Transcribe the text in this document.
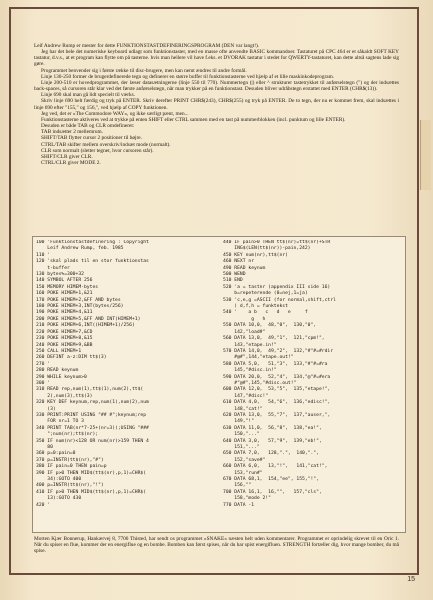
Leif Andrew Rump er mester for dette FUNKTIONSTASTDEFINERINGSPROGRAM (DEN var langt!).

Jeg har det hele det numeriske keyboard udlagt som funktionstaster, med en masse ofte anvendte BASIC kommandoer. Tastaturet på CPC 464 er et såkaldt SOFT KEY tastatur, d.v.s., at et program kan flytte om på tasterne. hvis man hellere vil have f.eks. et DVORAK tastatur i stedet for QWERTY-tastaturet, kan dette altså sagtens lade sig gøre.

Programmet benvender sig i første række til disc-brugere, men kan nemt ændres til andre formål.

Linje 130-250 former de brugerdefinerede tegn og definerer en større buffer til funktionstasterne ved hjælp af et lille maskinkodeprogram.

Linje 200-510 er hovedprogrammet, der læser datasætningerne (linje 550 til 770). Nummertegn (|) eller ^ strukturer tastetrykket til anførselstegn (") og der indsættes back-spaces, så cursoren står klar ved det første anførselstegn, når man trykker på en funktionstast. Desuden bliver udråbstegn erstattet med ENTER (CHR$(13)).

Linje 690 skal man gå lidt specielt til værks.

Skriv linje 690 helt færdig og tryk på ENTER. Skriv derefter PRINT CHR$(243), CHR$(255) og tryk på ENTER. De to tegn, der nu er kommet frem, skal indsættes i linje 690 efter "155," og 156,", ved hjælp af COPY funktionen.

Jeg ved, det er »The Commodore WAY«, og ikke særligt pænt, men...

Funktionstasterne aktiveres ved at trykke på enten SHIFT eller CTRL sammen med en tast på nummerblokken (incl. punktum og lille ENTER).

Desuden er både TAB og CLR omdefineret:

TAB indsætter 2 mellemrum.

SHIFT/TAB flytter cursor 2 positioner til højre.

CTRL/TAB skifter mellem overskriv/indsæt mode (normalt).

CLR som normalt (sletter tegnet, hvor cursoren står).

SHIFT/CLR giver CLR.

CTRL/CLR giver MODE 2.

100 'Funktionstastdefinering : Copyright
Leif Andrew Rump, feb. 1985
110 '
120 'skal plads til en stor funktionstas
t-buffer
130 bytes%=300+32
140 SYMBOL AFTER 256
150 MEMORY HIMEM-bytes
160 POKE HIMEM+1,&21
170 POKE HIMEM+2,&FF AND bytes
180 POKE HIMEM+3,INT(bytes/256)
190 POKE HIMEM+4,&11
200 POKE HIMEM+5,&FF AND INT(HIMEM+1)
210 POKE HIMEM+6,INT((HIMEM+1)/256)
220 POKE HIMEM+7,&CD
230 POKE HIMEM+8,&15
240 POKE HIMEM+9,&BB
250 CALL HIMEM+1
260 DEFINT a-z:DIM tt$(3)
270 '
280 READ keynum
290 WHILE keynum>0
300 '
310 READ rep,num(1),tt$(1),num(2),tt$(
2),num(3),tt$(3)
320 KEY DEF keynum,rep,num(1),num(2),num
(3)
330 PRINT:PRINT USING "## #";keynum;rep
FOR nr=1 TO 3
340 PRINT TAB(nr*7-25+(nr=3));USING "###
";num(nr);tt$(nr);
350 IF num(nr)<128 OR num(nr)>159 THEN 4
80
360 p=0:pain=0
370 p=INSTR(tt$(nr),"#")
380 IF pain=0 THEN pain=p
390 IF p>0 THEN MID$(tt$(nr),p,1)=CHR$(
34):GOTO 400
400 p=INSTR(tt$(nr),"!")
410 IF p>0 THEN MID$(tt$(nr),p,1)=CHR$(
13):GOTO 430
420 '
440 IF pain>0 THEN tt$(nr)=tt$(nr)+STR
ING$(LEN(tt$(nr))-pain,242)
450 KEY num(nr),tt$(nr)
460 NEXT nr
490 READ keynum
500 WEND
510 END
520 'a = tastnr (appendix III side 16)
b=repeterende (0=nej,1=ja)
530 'c,e,g =ASCII (for normal,shift,ctrl
) d,f,h = funktekst
540 '    a b   c   d   e     f
g   h
550 DATA 10,0,  48,"0",  130,"0",
142,"load#"
560 DATA 13,0,  49,"1",  121,"cpm!",
143,"etape.in!"
570 DATA 14,0,  49,"2",  132,"#"#=#rdir
#@#",144,"etape.out!"
580 DATA 5,0,   51,"3",  133,"#"#=#ra
145,"#disc.in!"
590 DATA 20,0,  52,"4",  134,"@"#=#era
#"@#",145,"#disc.out!"
600 DATA 12,0,  53,"5",  135,"etape!",
147,"#disc!"
610 DATA 4,0,   54,"6",  136,"edisc!",
148,"cat!"
620 DATA 13,0,  55,"7",  137,"auser,",
149,"!"
630 DATA 11,0,  56,"8",  138,"ea!",
150,"..."
640 DATA 3,0,   57,"9",  139,"eb!",
151,"..."
650 DATA 7,0,   128,".",  140,".",
152,"save#"
660 DATA 6,0,   13,"!",   141,"cat!",
153,"run#"
670 DATA 68,1,  154,"ee", 155,"!",
156,""
700 DATA 16,1,  16,"",   157,"cls",
158,"mode 2!"
770 DATA -1

Morten Kjær Bonnerup, Hankærvej 8, 7700 Thisted, har sendt os programmet »SNAKE« næsten helt uden kommentarer. Programmet er oprindelig skrevet til en Oric 1. Når du spiser en flue, kommer der en energiflue og en bombe. Bomben kan først spises, når du har spist energifluen. STRENGTH fortæller dig, hvor mange bomber, du må spise.

15
